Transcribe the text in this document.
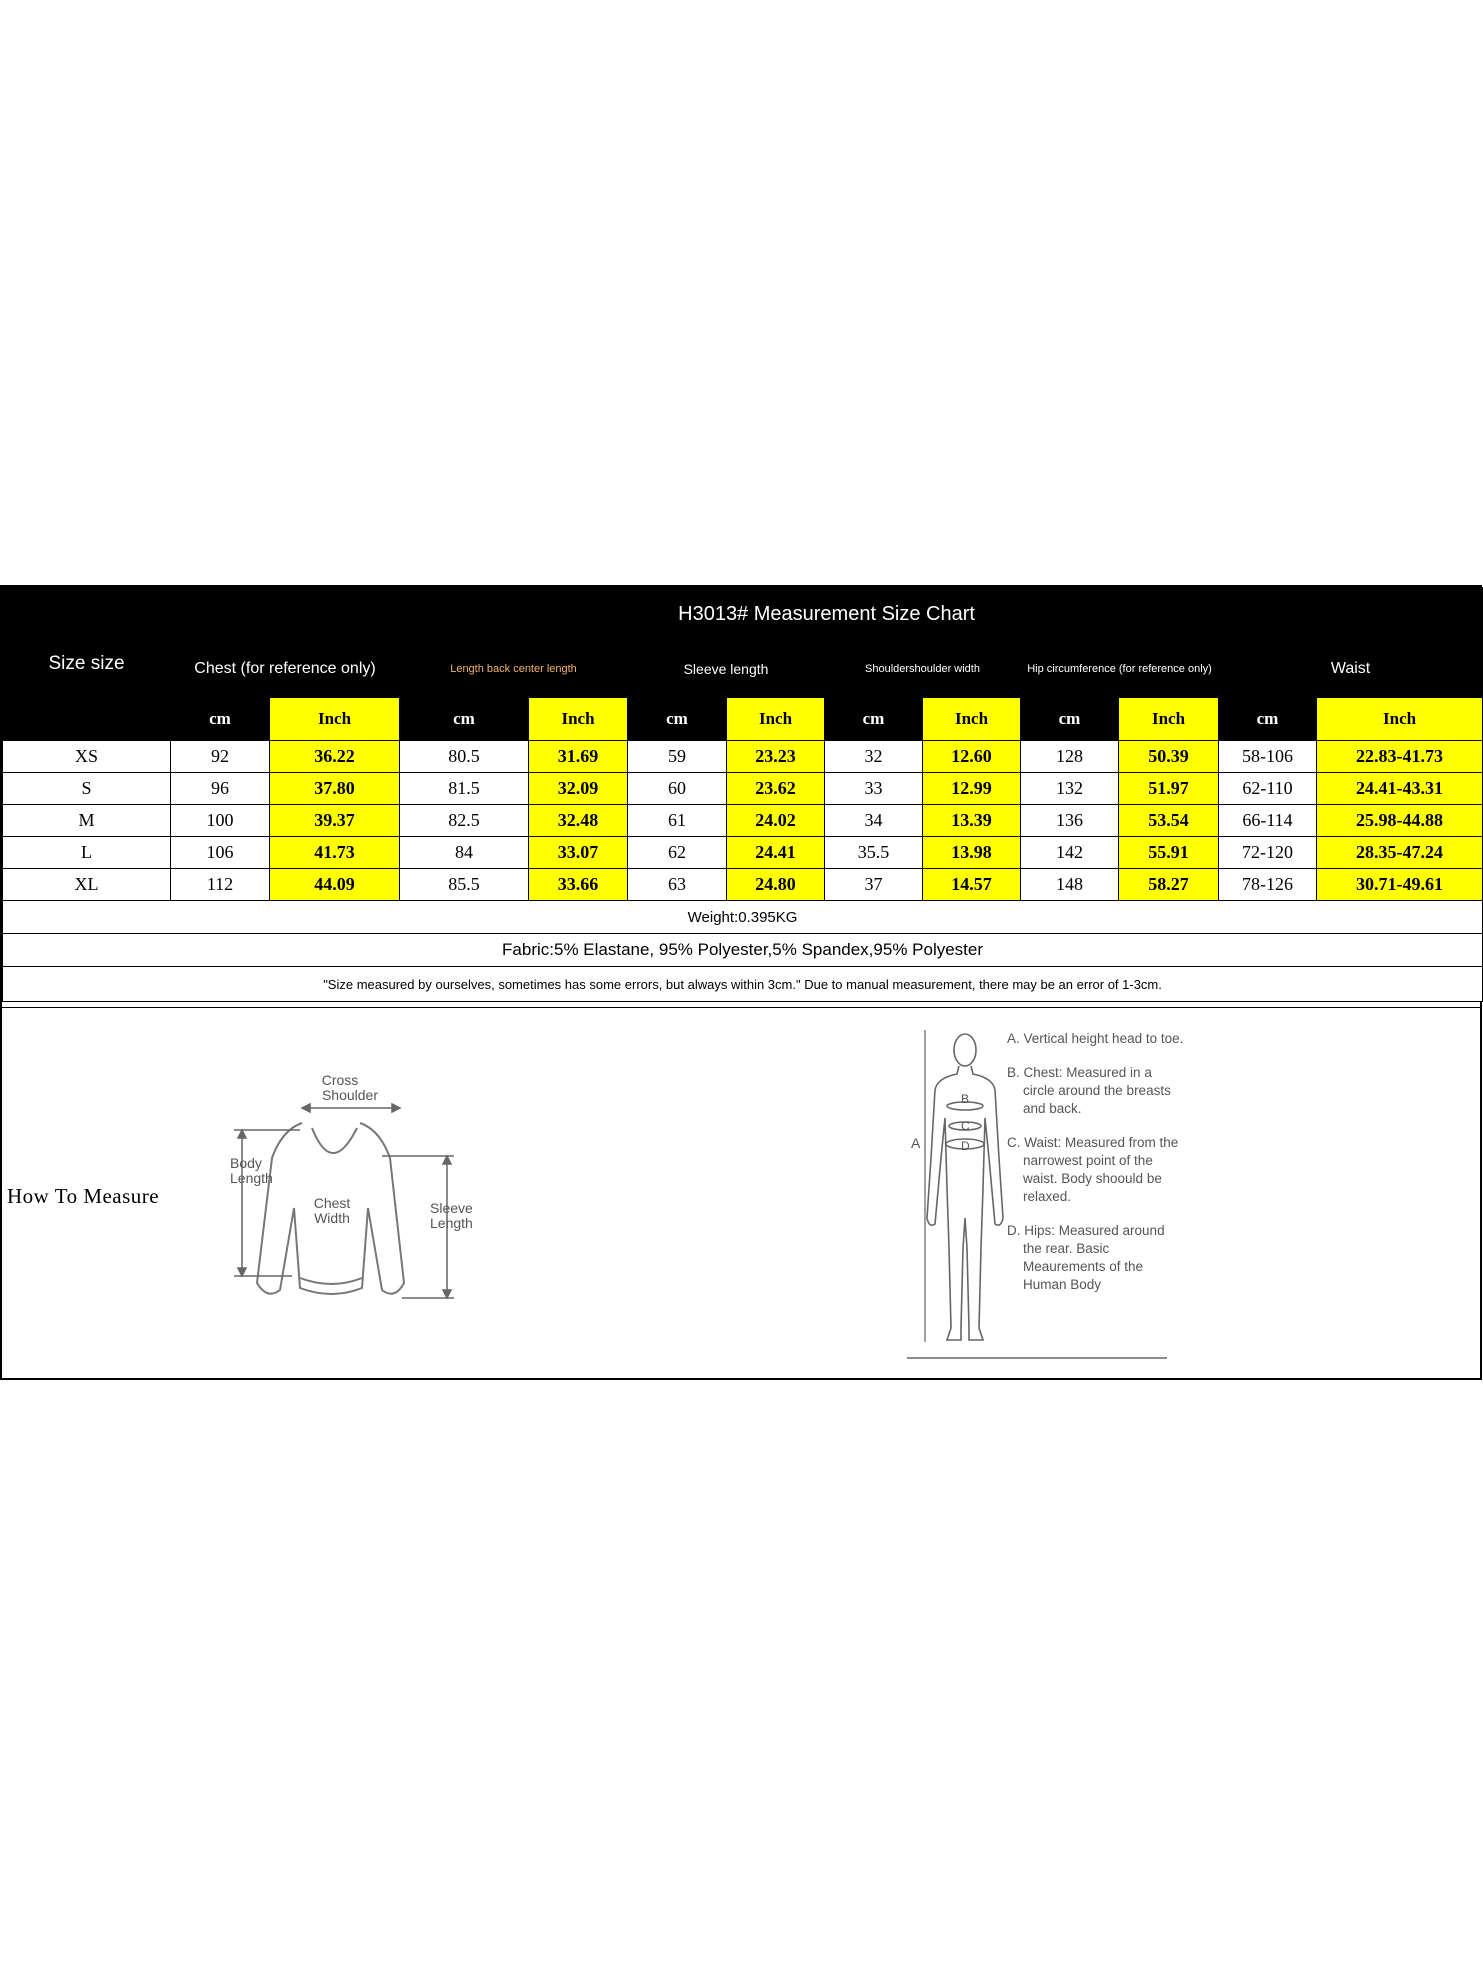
Size size	H3013# Measurement Size Chart											
	Chest (for reference only)		Length back center length		Sleeve length		Shouldershoulder width		Hip circumference (for reference only)		Waist	
	cm	Inch	cm	Inch	cm	Inch	cm	Inch	cm	Inch	cm	Inch
XS	92	36.22	80.5	31.69	59	23.23	32	12.60	128	50.39	58-106	22.83-41.73
S	96	37.80	81.5	32.09	60	23.62	33	12.99	132	51.97	62-110	24.41-43.31
M	100	39.37	82.5	32.48	61	24.02	34	13.39	136	53.54	66-114	25.98-44.88
L	106	41.73	84	33.07	62	24.41	35.5	13.98	142	55.91	72-120	28.35-47.24
XL	112	44.09	85.5	33.66	63	24.80	37	14.57	148	58.27	78-126	30.71-49.61
Weight:0.395KG												
Fabric:5% Elastane, 95% Polyester,5% Spandex,95% Polyester												
"Size measured by ourselves, sometimes has some errors, but always within 3cm." Due to manual measurement, there may be an error of 1-3cm.												
How To Measure
Cross
Shoulder
Body
Length
Chest
Width
Sleeve
Length
A
B
C
D

A. Vertical height head to toe.

B. Chest: Measured in a circle around the breasts and back.

C. Waist: Measured from the narrowest point of the waist. Body shoould be relaxed.

D. Hips: Measured around the rear. Basic Meaurements of the Human Body
